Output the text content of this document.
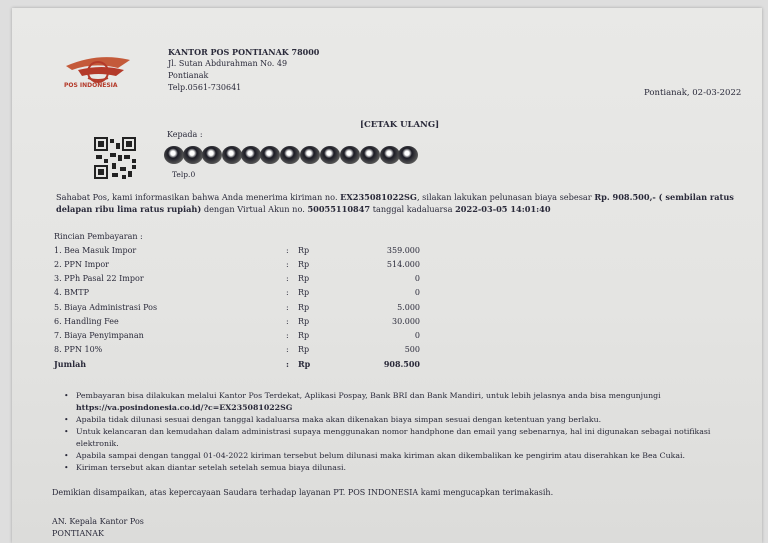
POS INDONESIA
KANTOR POS PONTIANAK 78000
Jl. Sutan Abdurahman No. 49
Pontianak
Telp.0561-730641
Pontianak, 02-03-2022
[CETAK ULANG]
Kepada :
Telp.0
Sahabat Pos, kami informasikan bahwa Anda menerima kiriman no. EX235081022SG, silakan lakukan pelunasan biaya sebesar Rp. 908.500,- ( sembilan ratus delapan ribu lima ratus rupiah) dengan Virtual Akun no. 50055110847 tanggal kadaluarsa 2022-03-05 14:01:40
Rincian Pembayaran :
1. Bea Masuk Impor	: Rp	359.000
2. PPN Impor	: Rp	514.000
3. PPh Pasal 22 Impor	: Rp	0
4. BMTP	: Rp	0
5. Biaya Administrasi Pos	: Rp	5.000
6. Handling Fee	: Rp	30.000
7. Biaya Penyimpanan	: Rp	0
8. PPN 10%	: Rp	500
Jumlah	: Rp	908.500
• Pembayaran bisa dilakukan melalui Kantor Pos Terdekat, Aplikasi Pospay, Bank BRI dan Bank Mandiri, untuk lebih jelasnya anda bisa mengunjungi
https://va.posindonesia.co.id/?c=EX235081022SG
• Apabila tidak dilunasi sesuai dengan tanggal kadaluarsa maka akan dikenakan biaya simpan sesuai dengan ketentuan yang berlaku.
• Untuk kelancaran dan kemudahan dalam administrasi supaya menggunakan nomor handphone dan email yang sebenarnya, hal ini digunakan sebagai notifikasi elektronik.
• Apabila sampai dengan tanggal 01-04-2022 kiriman tersebut belum dilunasi maka kiriman akan dikembalikan ke pengirim atau diserahkan ke Bea Cukai.
• Kiriman tersebut akan diantar setelah setelah semua biaya dilunasi.
Demikian disampaikan, atas kepercayaan Saudara terhadap layanan PT. POS INDONESIA kami mengucapkan terimakasih.
AN. Kepala Kantor Pos
PONTIANAK
